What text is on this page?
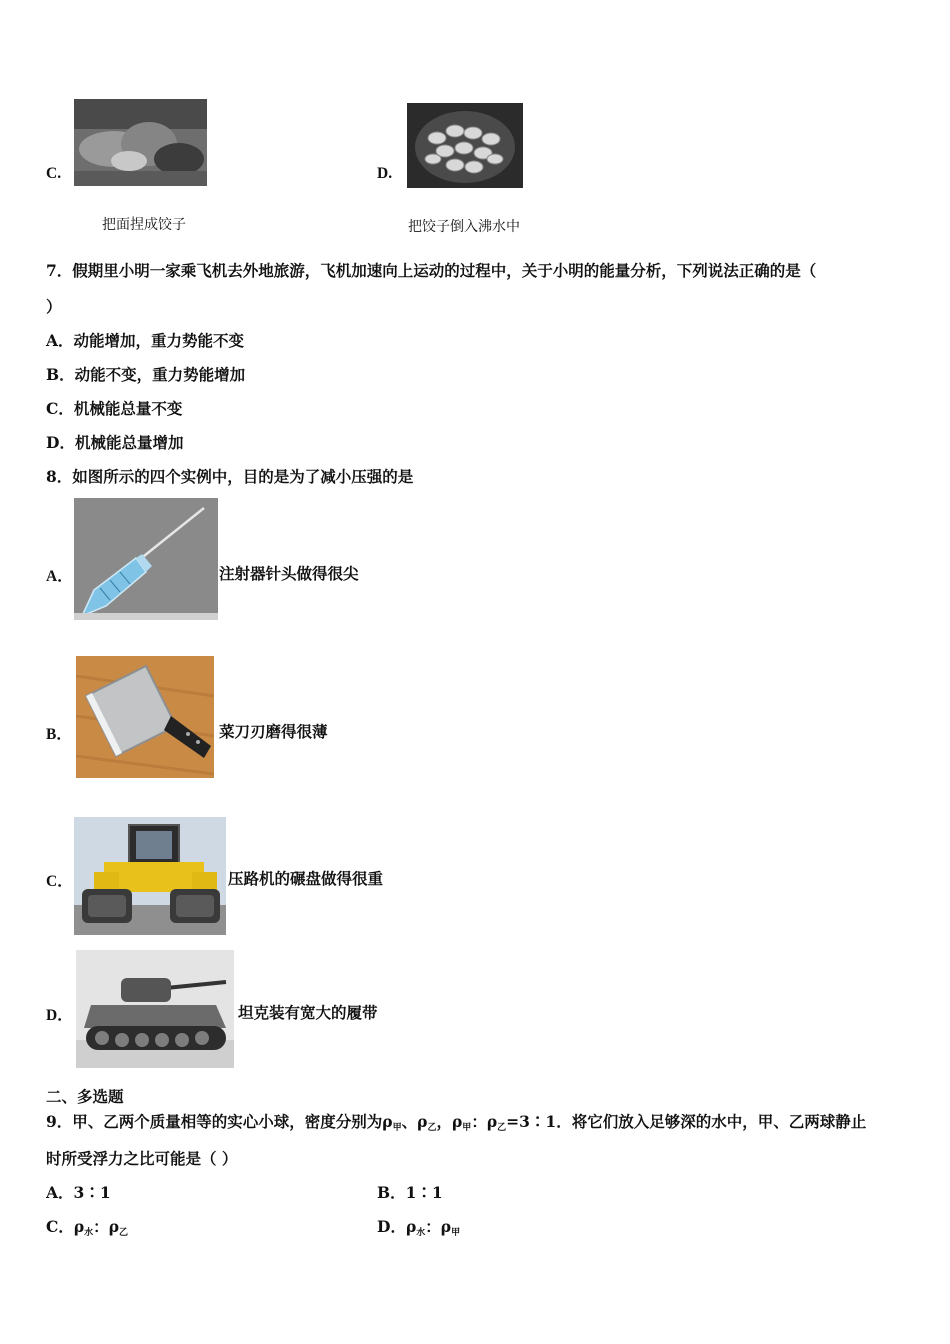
C.
把面捏成饺子
D.
把饺子倒入沸水中
7．假期里小明一家乘飞机去外地旅游，飞机加速向上运动的过程中，关于小明的能量分析，下列说法正确的是（
）
A．动能增加，重力势能不变
B．动能不变，重力势能增加
C．机械能总量不变
D．机械能总量增加
8．如图所示的四个实例中，目的是为了减小压强的是
A．	注射器针头做得很尖
B．	菜刀刃磨得很薄
C．	压路机的碾盘做得很重
D．	坦克装有宽大的履带
二、多选题
9．甲、乙两个质量相等的实心小球，密度分别为ρ甲、ρ乙，ρ甲：ρ乙=3∶1．将它们放入足够深的水中，甲、乙两球静止
时所受浮力之比可能是（ ）
A．3∶1	B．1∶1
C．ρ水：ρ乙	D．ρ水：ρ甲
